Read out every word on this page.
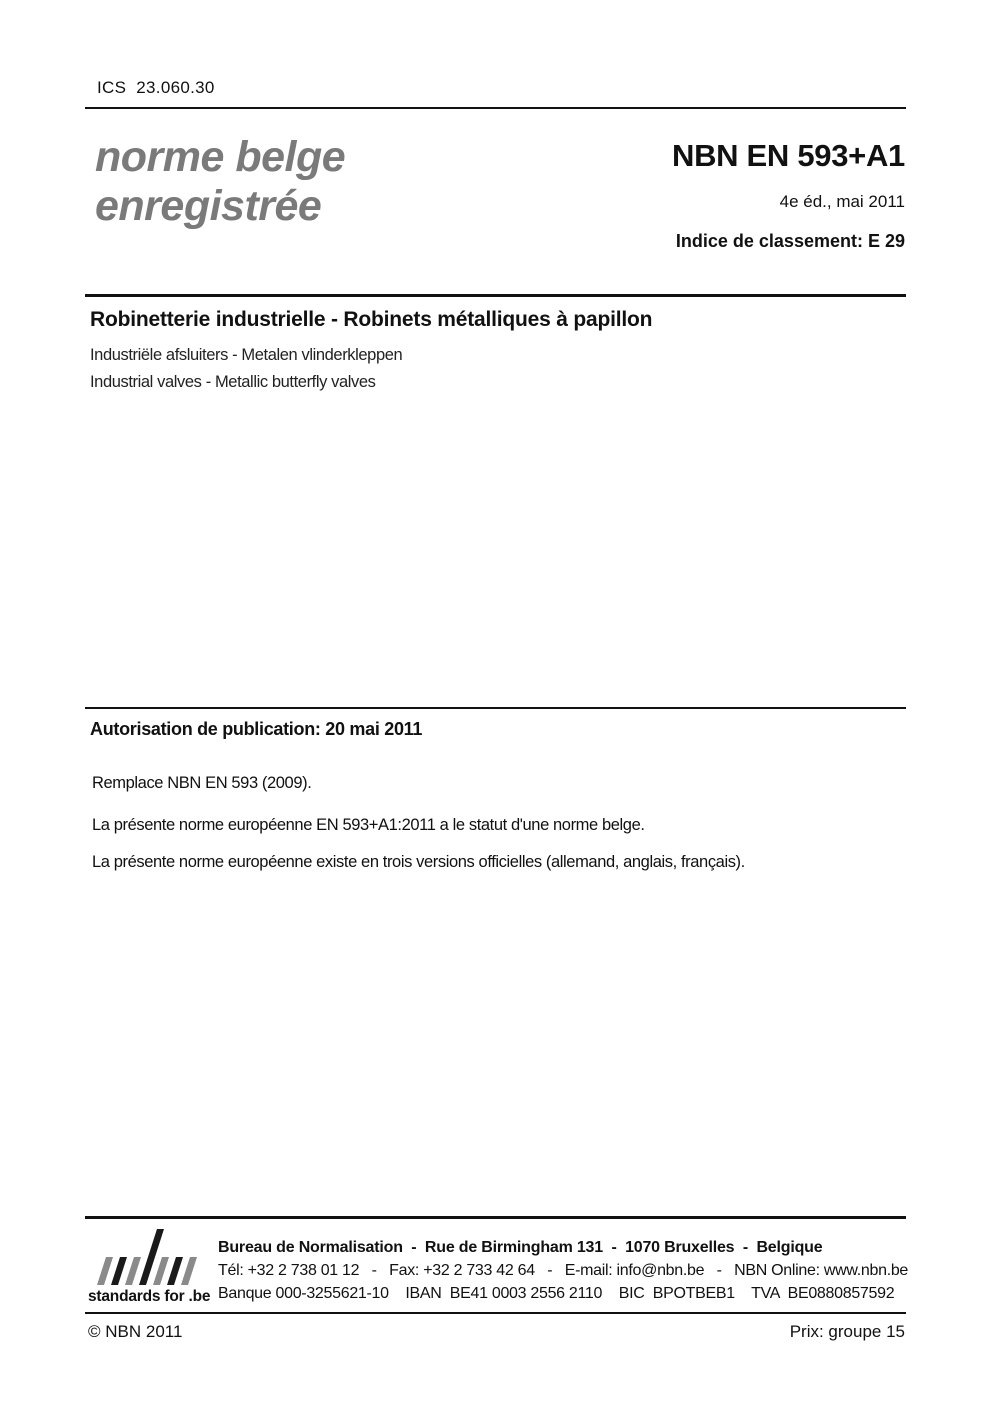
ICS  23.060.30
norme belge
enregistrée
NBN EN 593+A1
4e éd., mai 2011
Indice de classement: E 29
Robinetterie industrielle - Robinets métalliques à papillon
Industriële afsluiters - Metalen vlinderkleppen
Industrial valves - Metallic butterfly valves
Autorisation de publication: 20 mai 2011
Remplace NBN EN 593 (2009).
La présente norme européenne EN 593+A1:2011 a le statut d'une norme belge.
La présente norme européenne existe en trois versions officielles (allemand, anglais, français).
standards for .be
Bureau de Normalisation  -  Rue de Birmingham 131  -  1070 Bruxelles  -  Belgique
Tél: +32 2 738 01 12   -   Fax: +32 2 733 42 64   -   E-mail: info@nbn.be   -   NBN Online: www.nbn.be
Banque 000-3255621-10    IBAN  BE41 0003 2556 2110    BIC  BPOTBEB1    TVA  BE0880857592
© NBN 2011	Prix: groupe 15
